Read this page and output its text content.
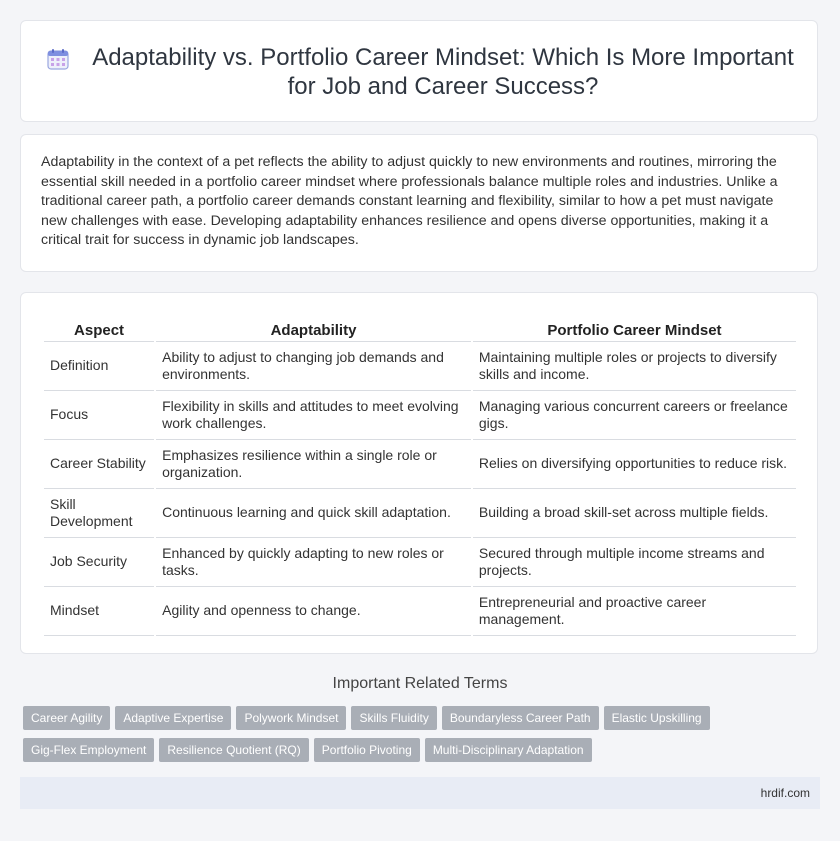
Adaptability vs. Portfolio Career Mindset: Which Is More Important for Job and Career Success?

Adaptability in the context of a pet reflects the ability to adjust quickly to new environments and routines, mirroring the essential skill needed in a portfolio career mindset where professionals balance multiple roles and industries. Unlike a traditional career path, a portfolio career demands constant learning and flexibility, similar to how a pet must navigate new challenges with ease. Developing adaptability enhances resilience and opens diverse opportunities, making it a critical trait for success in dynamic job landscapes.

Aspect	Adaptability	Portfolio Career Mindset
Definition	Ability to adjust to changing job demands and environments.	Maintaining multiple roles or projects to diversify skills and income.
Focus	Flexibility in skills and attitudes to meet evolving work challenges.	Managing various concurrent careers or freelance gigs.
Career Stability	Emphasizes resilience within a single role or organization.	Relies on diversifying opportunities to reduce risk.
Skill Development	Continuous learning and quick skill adaptation.	Building a broad skill-set across multiple fields.
Job Security	Enhanced by quickly adapting to new roles or tasks.	Secured through multiple income streams and projects.
Mindset	Agility and openness to change.	Entrepreneurial and proactive career management.
Important Related Terms
Career Agility Adaptive Expertise Polywork Mindset Skills Fluidity Boundaryless Career Path Elastic Upskilling
Gig-Flex Employment Resilience Quotient (RQ) Portfolio Pivoting Multi-Disciplinary Adaptation
hrdif.com
